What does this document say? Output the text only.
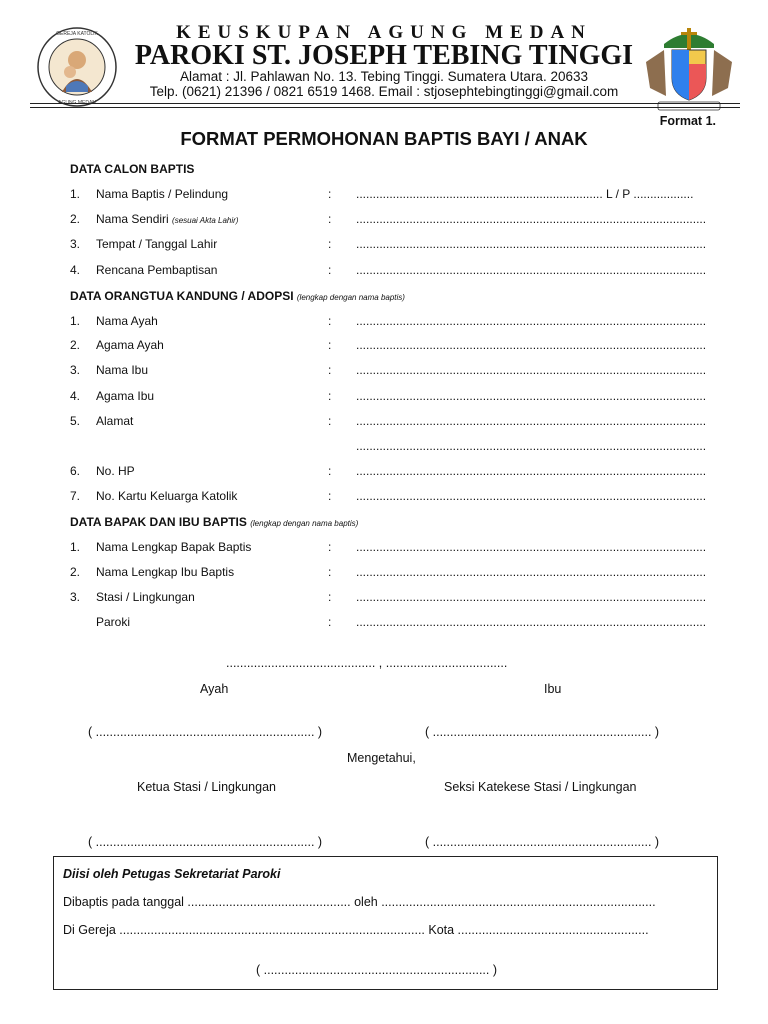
GEREJA KATOLIK
AGUNG MEDAN
KEUSKUPAN AGUNG MEDAN
PAROKI ST. JOSEPH TEBING TINGGI
Alamat : Jl. Pahlawan No. 13. Tebing Tinggi. Sumatera Utara. 20633
Telp. (0621) 21396 / 0821 6519 1468. Email : stjosephtebingtinggi@gmail.com
Format 1.
FORMAT PERMOHONAN BAPTIS BAYI / ANAK
DATA CALON BAPTIS
1. Nama Baptis / Pelindung	: .......................................................................... L / P ..................
2. Nama Sendiri (sesuai Akta Lahir)	: .........................................................................................................
3. Tempat / Tanggal Lahir	: .........................................................................................................
4. Rencana Pembaptisan	: .........................................................................................................
DATA ORANGTUA KANDUNG / ADOPSI (lengkap dengan nama baptis)
1. Nama Ayah	: .........................................................................................................
2. Agama Ayah	: .........................................................................................................
3. Nama Ibu	: .........................................................................................................
4. Agama Ibu	: .........................................................................................................
5. Alamat	: .........................................................................................................
.........................................................................................................
6. No. HP	: .........................................................................................................
7. No. Kartu Keluarga Katolik	: .........................................................................................................
DATA BAPAK DAN IBU BAPTIS (lengkap dengan nama baptis)
1. Nama Lengkap Bapak Baptis	: .........................................................................................................
2. Nama Lengkap Ibu Baptis	: .........................................................................................................
3. Stasi / Lingkungan	: .........................................................................................................
Paroki	: .........................................................................................................
........................................... , ...................................
Ayah	Ibu
( ............................................................... )	( ............................................................... )
Mengetahui,
Ketua Stasi / Lingkungan	Seksi Katekese Stasi / Lingkungan
( ............................................................... )	( ............................................................... )
Diisi oleh Petugas Sekretariat Paroki
Dibaptis pada tanggal ............................................... oleh ...............................................................................
Di Gereja ........................................................................................ Kota .......................................................
( ................................................................. )
